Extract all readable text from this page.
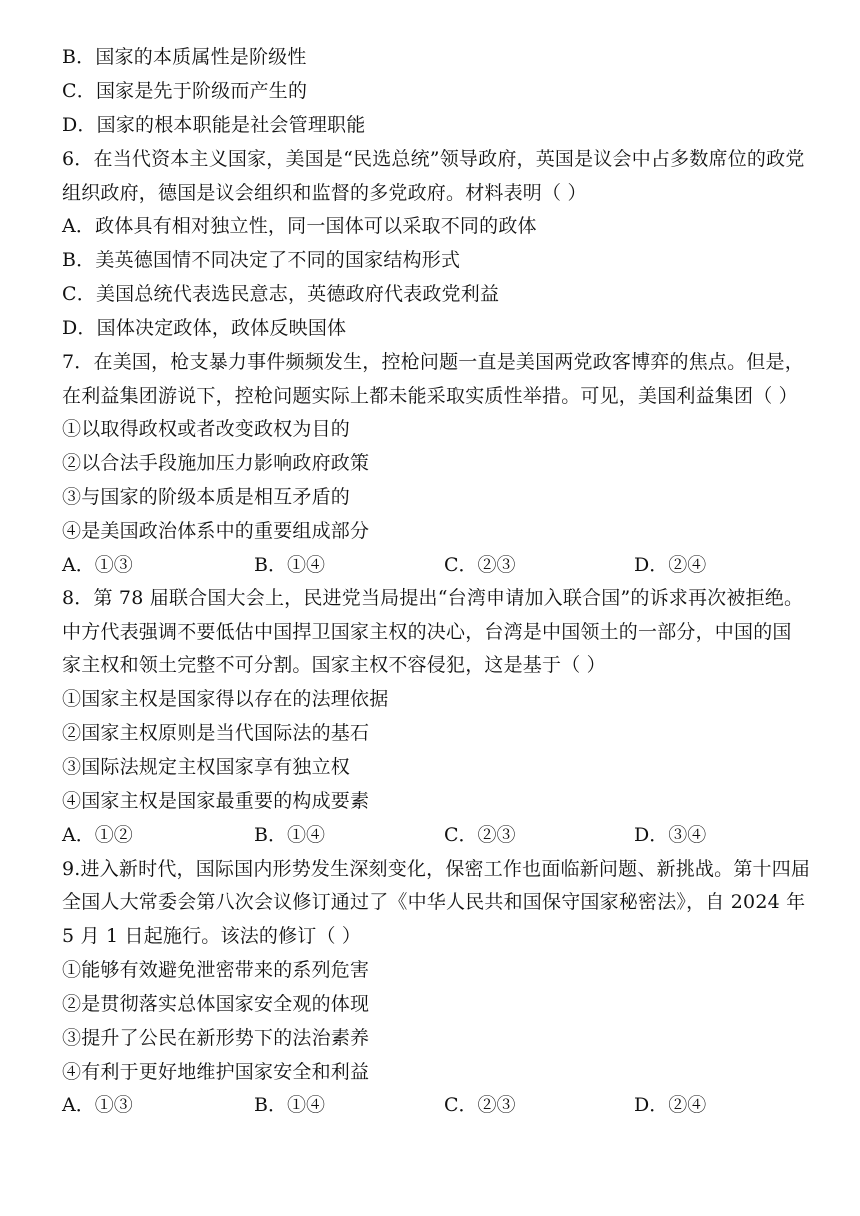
B．国家的本质属性是阶级性
C．国家是先于阶级而产生的
D．国家的根本职能是社会管理职能
6．在当代资本主义国家，美国是“民选总统”领导政府，英国是议会中占多数席位的政党
组织政府，德国是议会组织和监督的多党政府。材料表明（ ）
A．政体具有相对独立性，同一国体可以采取不同的政体
B．美英德国情不同决定了不同的国家结构形式
C．美国总统代表选民意志，英德政府代表政党利益
D．国体决定政体，政体反映国体
7．在美国，枪支暴力事件频频发生，控枪问题一直是美国两党政客博弈的焦点。但是，
在利益集团游说下，控枪问题实际上都未能采取实质性举措。可见，美国利益集团（ ）
①以取得政权或者改变政权为目的
②以合法手段施加压力影响政府政策
③与国家的阶级本质是相互矛盾的
④是美国政治体系中的重要组成部分
A．①③	B．①④	C．②③	D．②④
8．第 78 届联合国大会上，民进党当局提出“台湾申请加入联合国”的诉求再次被拒绝。
中方代表强调不要低估中国捍卫国家主权的决心，台湾是中国领土的一部分，中国的国
家主权和领土完整不可分割。国家主权不容侵犯，这是基于（ ）
①国家主权是国家得以存在的法理依据
②国家主权原则是当代国际法的基石
③国际法规定主权国家享有独立权
④国家主权是国家最重要的构成要素
A．①②	B．①④	C．②③	D．③④
9.进入新时代，国际国内形势发生深刻变化，保密工作也面临新问题、新挑战。第十四届
全国人大常委会第八次会议修订通过了《中华人民共和国保守国家秘密法》，自 2024 年
5 月 1 日起施行。该法的修订（ ）
①能够有效避免泄密带来的系列危害
②是贯彻落实总体国家安全观的体现
③提升了公民在新形势下的法治素养
④有利于更好地维护国家安全和利益
A．①③	B．①④	C．②③	D．②④
